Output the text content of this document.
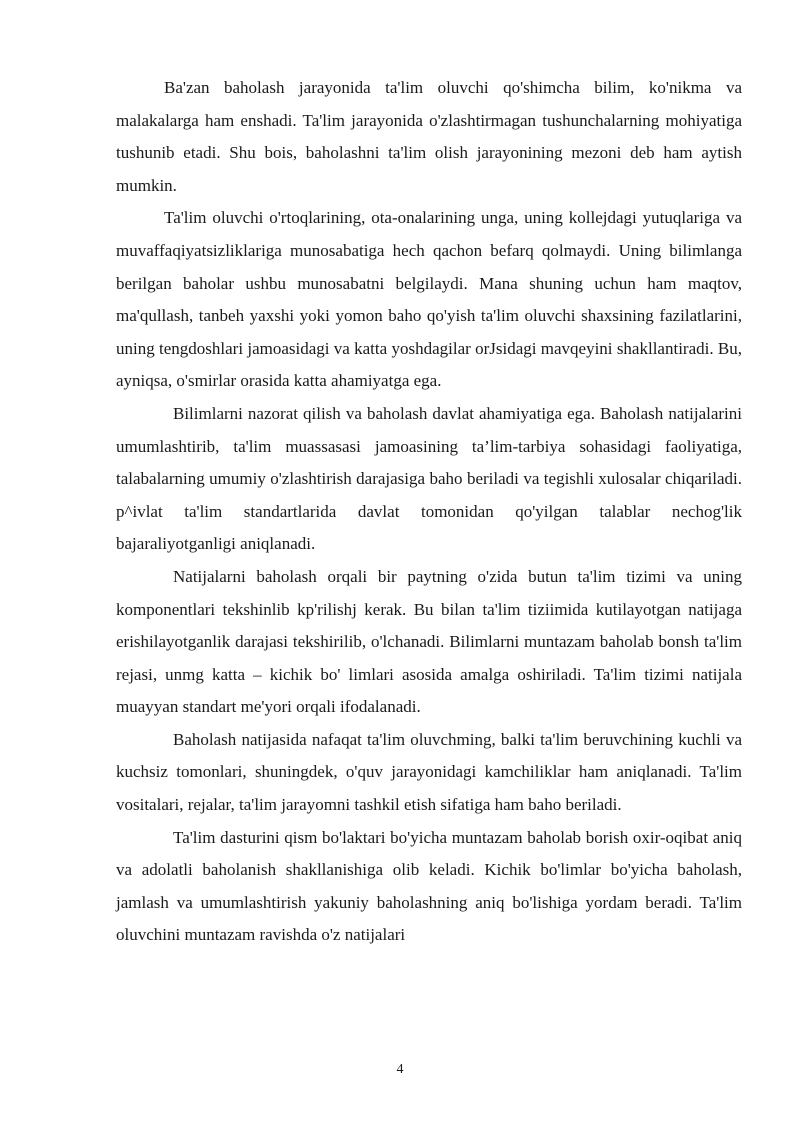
Ba'zan baholash jarayonida ta'lim oluvchi qo'shimcha bilim, ko'nikma va malakalarga ham enshadi. Ta'lim jarayonida o'zlashtirmagan tushunchalarning mohiyatiga tushunib etadi. Shu bois, baholashni ta'lim olish jarayonining mezoni deb ham aytish mumkin.

Ta'lim oluvchi o'rtoqlarining, ota-onalarining unga, uning kollejdagi yutuqlariga va muvaffaqiyatsizliklariga munosabatiga hech qachon befarq qolmaydi. Uning bilimlanga berilgan baholar ushbu munosabatni belgilaydi. Mana shuning uchun ham maqtov, ma'qullash, tanbeh yaxshi yoki yomon baho qo'yish ta'lim oluvchi shaxsining fazilatlarini, uning tengdoshlari jamoasidagi va katta yoshdagilar orJsidagi mavqeyini shakllantiradi. Bu, ayniqsa, o'smirlar orasida katta ahamiyatga ega.

Bilimlarni nazorat qilish va baholash davlat ahamiyatiga ega. Baholash natijalarini umumlashtirib, ta'lim muassasasi jamoasining ta’lim-tarbiya sohasidagi faoliyatiga, talabalarning umumiy o'zlashtirish darajasiga baho beriladi va tegishli xulosalar chiqariladi. p^ivlat ta'lim standartlarida davlat tomonidan qo'yilgan talablar nechog'lik bajaraliyotganligi aniqlanadi.

Natijalarni baholash orqali bir paytning o'zida butun ta'lim tizimi va uning komponentlari tekshinlib kp'rilishj kerak. Bu bilan ta'lim tiziimida kutilayotgan natijaga erishilayotganlik darajasi tekshirilib, o'lchanadi. Bilimlarni muntazam baholab bonsh ta'lim rejasi, unmg katta – kichik bo' limlari asosida amalga oshiriladi. Ta'lim tizimi natijala muayyan standart me'yori orqali ifodalanadi.

Baholash natijasida nafaqat ta'lim oluvchming, balki ta'lim beruvchining kuchli va kuchsiz tomonlari, shuningdek, o'quv jarayonidagi kamchiliklar ham aniqlanadi. Ta'lim vositalari, rejalar, ta'lim jarayomni tashkil etish sifatiga ham baho beriladi.

Ta'lim dasturini qism bo'laktari bo'yicha muntazam baholab borish oxir-oqibat aniq va adolatli baholanish shakllanishiga olib keladi. Kichik bo'limlar bo'yicha baholash, jamlash va umumlashtirish yakuniy baholashning aniq bo'lishiga yordam beradi. Ta'lim oluvchini muntazam ravishda o'z natijalari

4
